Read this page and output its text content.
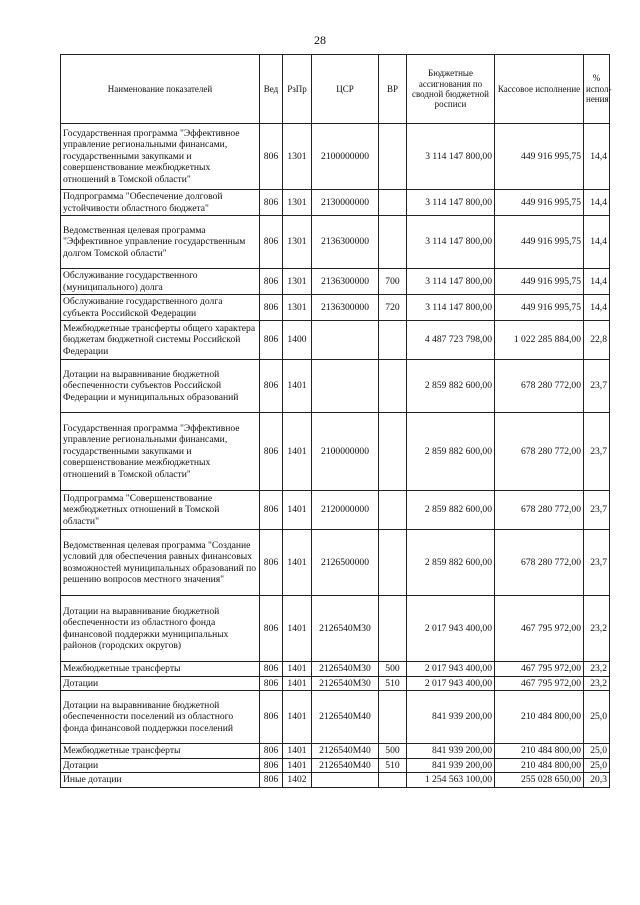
28
Наименование показателей	Вед	РзПр	ЦСР	ВР	Бюджетные ассигнования по сводной бюджетной росписи	Кассовое исполнение	% испол-нения
Государственная программа "Эффективное управление региональными финансами, государственными закупками и совершенствование межбюджетных отношений в Томской области"	806	1301	2100000000		3 114 147 800,00	449 916 995,75	14,4
Подпрограмма "Обеспечение долговой устойчивости областного бюджета"	806	1301	2130000000		3 114 147 800,00	449 916 995,75	14,4
Ведомственная целевая программа "Эффективное управление государственным долгом Томской области"	806	1301	2136300000		3 114 147 800,00	449 916 995,75	14,4
Обслуживание государственного (муниципального) долга	806	1301	2136300000	700	3 114 147 800,00	449 916 995,75	14,4
Обслуживание государственного долга субъекта Российской Федерации	806	1301	2136300000	720	3 114 147 800,00	449 916 995,75	14,4
Межбюджетные трансферты общего характера бюджетам бюджетной системы Российской Федерации	806	1400			4 487 723 798,00	1 022 285 884,00	22,8
Дотации на выравнивание бюджетной обеспеченности субъектов Российской Федерации и муниципальных образований	806	1401			2 859 882 600,00	678 280 772,00	23,7
Государственная программа "Эффективное управление региональными финансами, государственными закупками и совершенствование межбюджетных отношений в Томской области"	806	1401	2100000000		2 859 882 600,00	678 280 772,00	23,7
Подпрограмма "Совершенствование межбюджетных отношений в Томской области"	806	1401	2120000000		2 859 882 600,00	678 280 772,00	23,7
Ведомственная целевая программа "Создание условий для обеспечения равных финансовых возможностей муниципальных образований по решению вопросов местного значения"	806	1401	2126500000		2 859 882 600,00	678 280 772,00	23,7
Дотации на выравнивание бюджетной обеспеченности из областного фонда финансовой поддержки муниципальных районов (городских округов)	806	1401	2126540М30		2 017 943 400,00	467 795 972,00	23,2
Межбюджетные трансферты	806	1401	2126540М30	500	2 017 943 400,00	467 795 972,00	23,2
Дотации	806	1401	2126540М30	510	2 017 943 400,00	467 795 972,00	23,2
Дотации на выравнивание бюджетной обеспеченности поселений из областного фонда финансовой поддержки поселений	806	1401	2126540М40		841 939 200,00	210 484 800,00	25,0
Межбюджетные трансферты	806	1401	2126540М40	500	841 939 200,00	210 484 800,00	25,0
Дотации	806	1401	2126540М40	510	841 939 200,00	210 484 800,00	25,0
Иные дотации	806	1402			1 254 563 100,00	255 028 650,00	20,3
